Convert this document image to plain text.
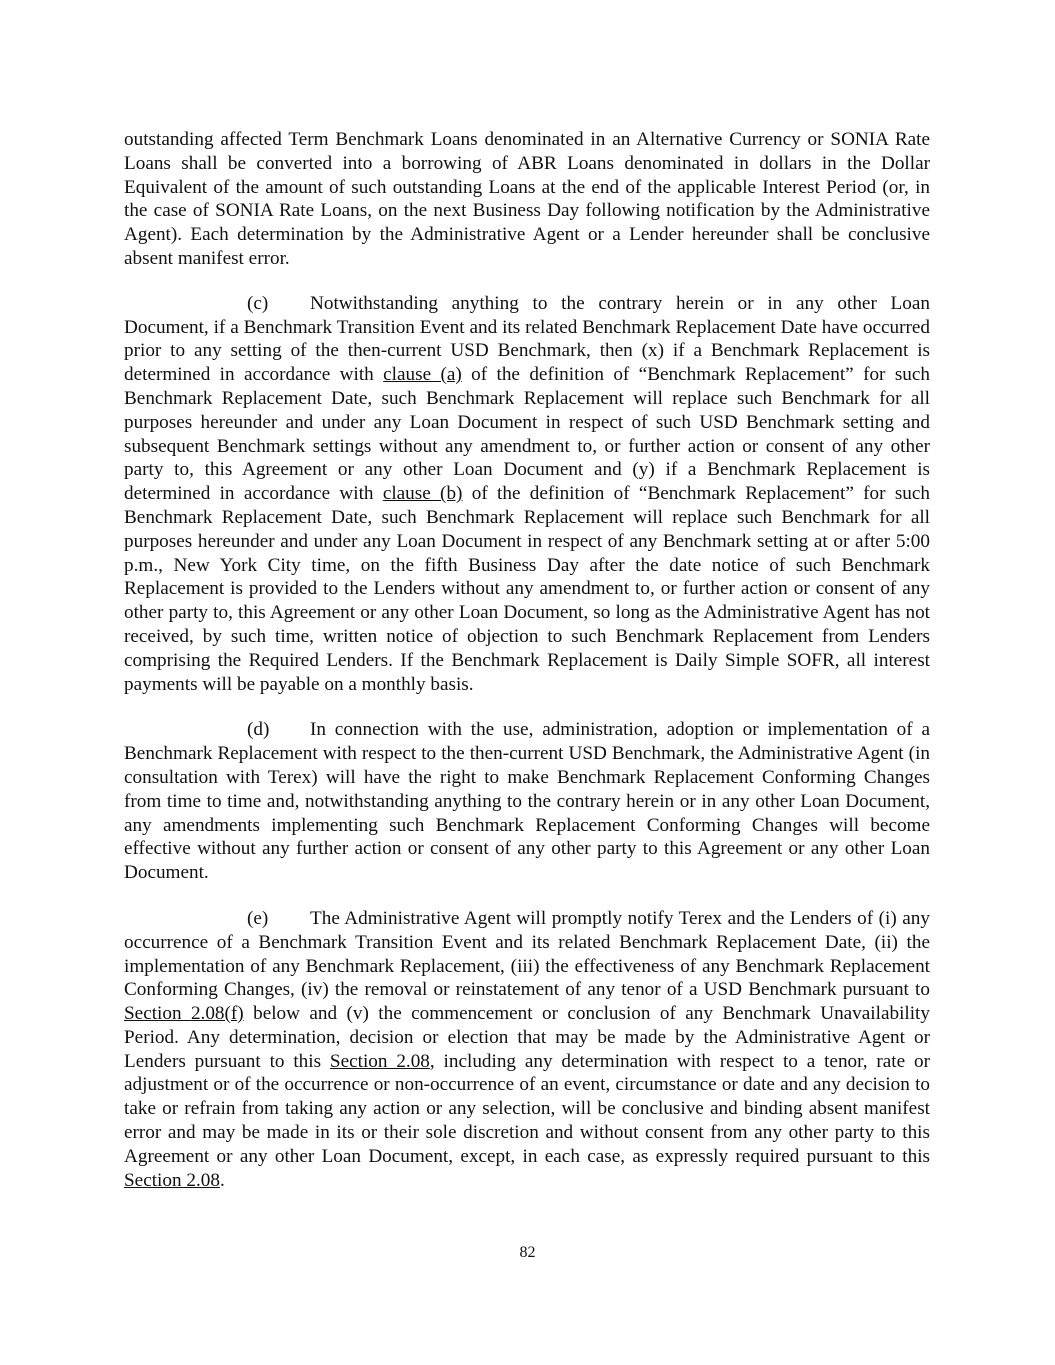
outstanding affected Term Benchmark Loans denominated in an Alternative Currency or SONIA Rate Loans shall be converted into a borrowing of ABR Loans denominated in dollars in the Dollar Equivalent of the amount of such outstanding Loans at the end of the applicable Interest Period (or, in the case of SONIA Rate Loans, on the next Business Day following notification by the Administrative Agent). Each determination by the Administrative Agent or a Lender hereunder shall be conclusive absent manifest error.

(c) Notwithstanding anything to the contrary herein or in any other Loan Document, if a Benchmark Transition Event and its related Benchmark Replacement Date have occurred prior to any setting of the then-current USD Benchmark, then (x) if a Benchmark Replacement is determined in accordance with clause (a) of the definition of “Benchmark Replacement” for such Benchmark Replacement Date, such Benchmark Replacement will replace such Benchmark for all purposes hereunder and under any Loan Document in respect of such USD Benchmark setting and subsequent Benchmark settings without any amendment to, or further action or consent of any other party to, this Agreement or any other Loan Document and (y) if a Benchmark Replacement is determined in accordance with clause (b) of the definition of “Benchmark Replacement” for such Benchmark Replacement Date, such Benchmark Replacement will replace such Benchmark for all purposes hereunder and under any Loan Document in respect of any Benchmark setting at or after 5:00 p.m., New York City time, on the fifth Business Day after the date notice of such Benchmark Replacement is provided to the Lenders without any amendment to, or further action or consent of any other party to, this Agreement or any other Loan Document, so long as the Administrative Agent has not received, by such time, written notice of objection to such Benchmark Replacement from Lenders comprising the Required Lenders. If the Benchmark Replacement is Daily Simple SOFR, all interest payments will be payable on a monthly basis.

(d) In connection with the use, administration, adoption or implementation of a Benchmark Replacement with respect to the then-current USD Benchmark, the Administrative Agent (in consultation with Terex) will have the right to make Benchmark Replacement Conforming Changes from time to time and, notwithstanding anything to the contrary herein or in any other Loan Document, any amendments implementing such Benchmark Replacement Conforming Changes will become effective without any further action or consent of any other party to this Agreement or any other Loan Document.

(e) The Administrative Agent will promptly notify Terex and the Lenders of (i) any occurrence of a Benchmark Transition Event and its related Benchmark Replacement Date, (ii) the implementation of any Benchmark Replacement, (iii) the effectiveness of any Benchmark Replacement Conforming Changes, (iv) the removal or reinstatement of any tenor of a USD Benchmark pursuant to Section 2.08(f) below and (v) the commencement or conclusion of any Benchmark Unavailability Period. Any determination, decision or election that may be made by the Administrative Agent or Lenders pursuant to this Section 2.08, including any determination with respect to a tenor, rate or adjustment or of the occurrence or non-occurrence of an event, circumstance or date and any decision to take or refrain from taking any action or any selection, will be conclusive and binding absent manifest error and may be made in its or their sole discretion and without consent from any other party to this Agreement or any other Loan Document, except, in each case, as expressly required pursuant to this Section 2.08.

82
